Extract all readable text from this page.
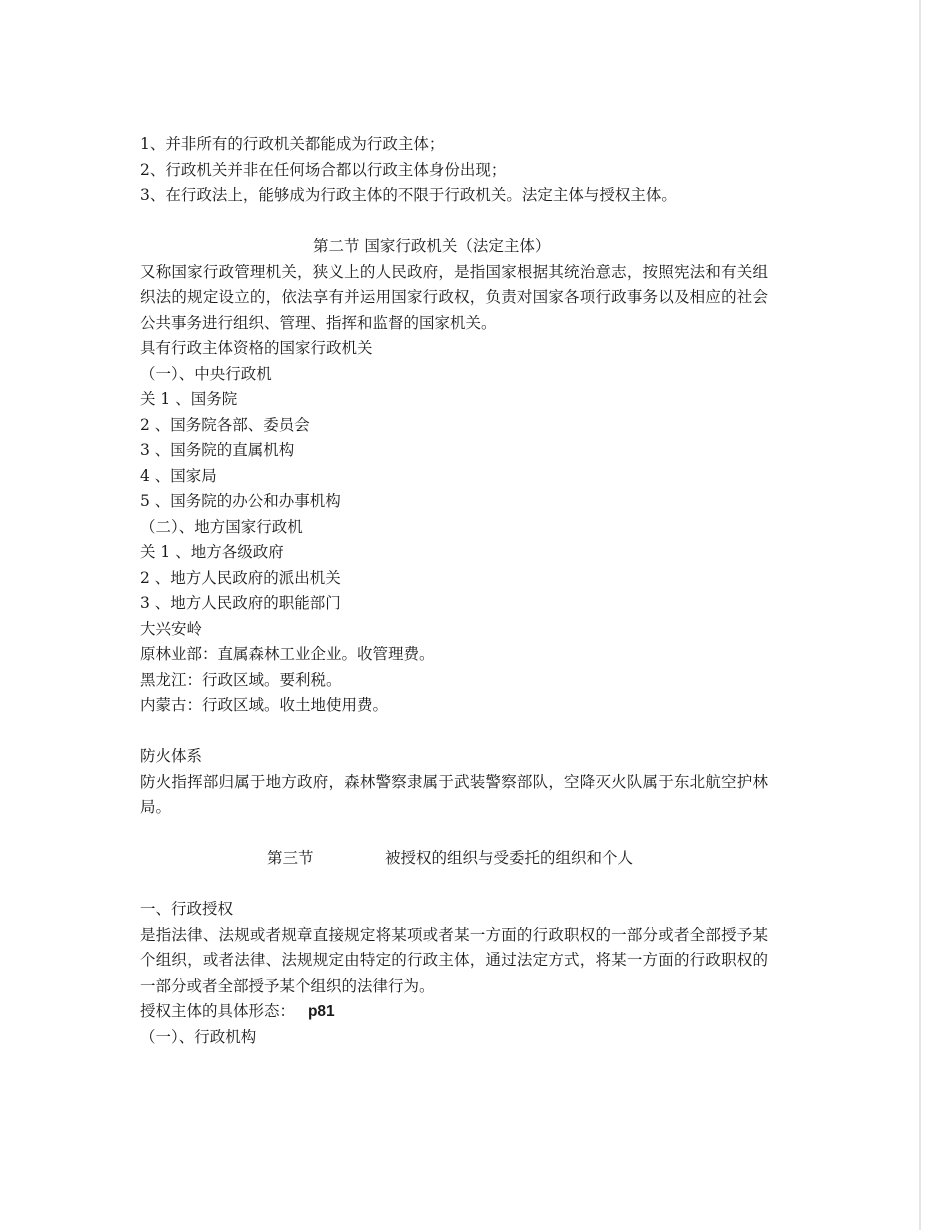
1、并非所有的行政机关都能成为行政主体；
2、行政机关并非在任何场合都以行政主体身份出现；
3、在行政法上，能够成为行政主体的不限于行政机关。法定主体与授权主体。
第二节 国家行政机关（法定主体）
又称国家行政管理机关，狭义上的人民政府，是指国家根据其统治意志，按照宪法和有关组织法的规定设立的，依法享有并运用国家行政权，负责对国家各项行政事务以及相应的社会公共事务进行组织、管理、指挥和监督的国家机关。
具有行政主体资格的国家行政机关
（一）、中央行政机
关 1 、国务院
2 、国务院各部、委员会
3 、国务院的直属机构
4 、国家局
5 、国务院的办公和办事机构
（二）、地方国家行政机
关 1 、地方各级政府
2 、地方人民政府的派出机关
3 、地方人民政府的职能部门
大兴安岭
原林业部：直属森林工业企业。收管理费。
黑龙江：行政区域。要利税。
内蒙古：行政区域。收土地使用费。
防火体系
防火指挥部归属于地方政府，森林警察隶属于武装警察部队，空降灭火队属于东北航空护林局。
第三节	被授权的组织与受委托的组织和个人
一、行政授权
是指法律、法规或者规章直接规定将某项或者某一方面的行政职权的一部分或者全部授予某个组织，或者法律、法规规定由特定的行政主体，通过法定方式，将某一方面的行政职权的一部分或者全部授予某个组织的法律行为。
授权主体的具体形态： p81
（一）、行政机构
